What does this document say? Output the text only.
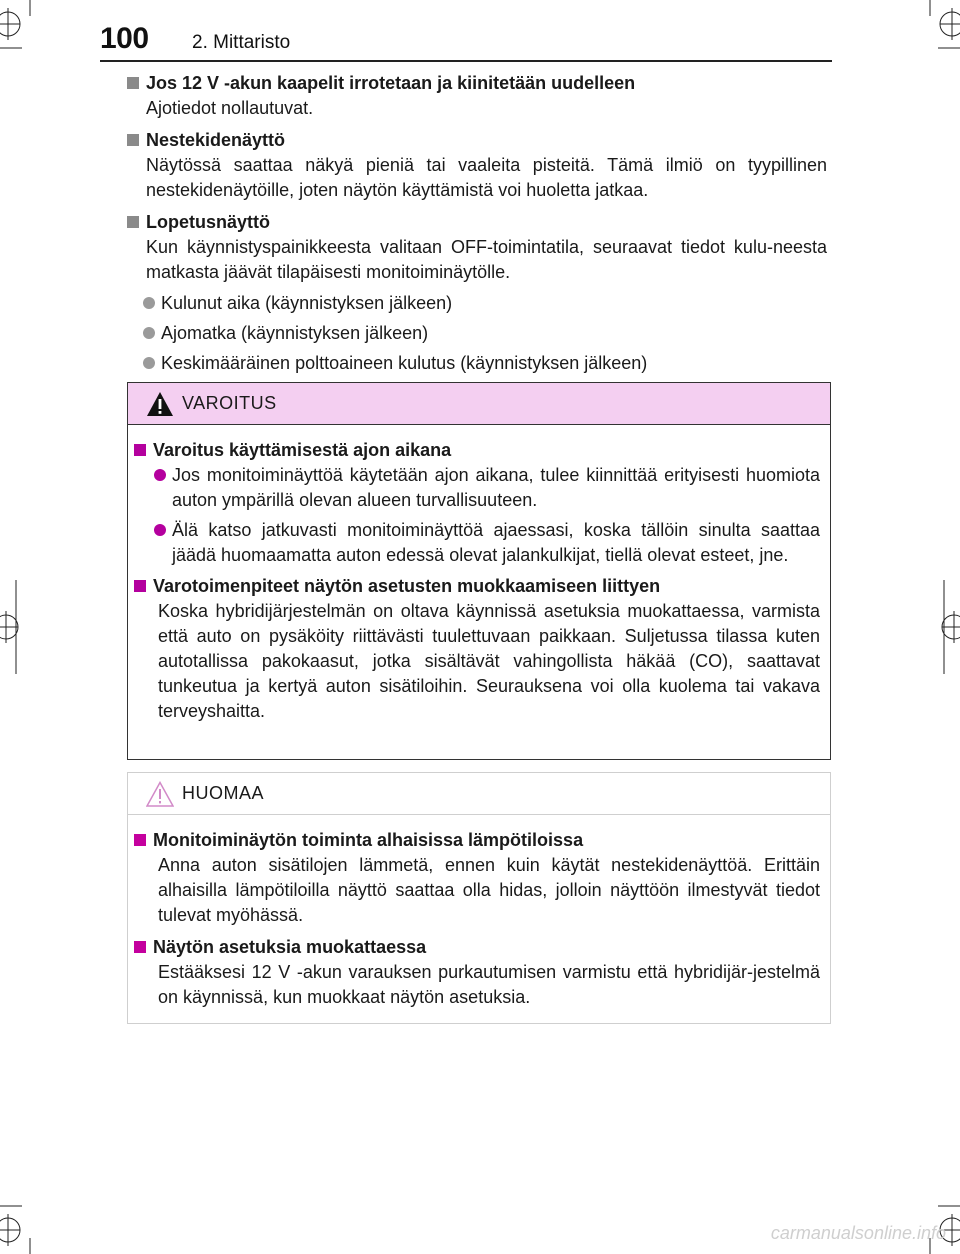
100 2. Mittaristo
Jos 12 V -akun kaapelit irrotetaan ja kiinitetään uudelleen

Ajotiedot nollautuvat.

Nestekidenäyttö

Näytössä saattaa näkyä pieniä tai vaaleita pisteitä. Tämä ilmiö on tyypillinen nestekidenäytöille, joten näytön käyttämistä voi huoletta jatkaa.

Lopetusnäyttö

Kun käynnistyspainikkeesta valitaan OFF-toimintatila, seuraavat tiedot kulu-neesta matkasta jäävät tilapäisesti monitoiminäytölle.

Kulunut aika (käynnistyksen jälkeen)
Ajomatka (käynnistyksen jälkeen)
Keskimääräinen polttoaineen kulutus (käynnistyksen jälkeen)
VAROITUS
Varoitus käyttämisestä ajon aikana
Jos monitoiminäyttöä käytetään ajon aikana, tulee kiinnittää erityisesti huomiota auton ympärillä olevan alueen turvallisuuteen.
Älä katso jatkuvasti monitoiminäyttöä ajaessasi, koska tällöin sinulta saattaa jäädä huomaamatta auton edessä olevat jalankulkijat, tiellä olevat esteet, jne.
Varotoimenpiteet näytön asetusten muokkaamiseen liittyen

Koska hybridijärjestelmän on oltava käynnissä asetuksia muokattaessa, varmista että auto on pysäköity riittävästi tuulettuvaan paikkaan. Suljetussa tilassa kuten autotallissa pakokaasut, jotka sisältävät vahingollista häkää (CO), saattavat tunkeutua ja kertyä auton sisätiloihin. Seurauksena voi olla kuolema tai vakava terveyshaitta.

HUOMAA
Monitoiminäytön toiminta alhaisissa lämpötiloissa

Anna auton sisätilojen lämmetä, ennen kuin käytät nestekidenäyttöä. Erittäin alhaisilla lämpötiloilla näyttö saattaa olla hidas, jolloin näyttöön ilmestyvät tiedot tulevat myöhässä.

Näytön asetuksia muokattaessa

Estääksesi 12 V -akun varauksen purkautumisen varmistu että hybridijär-jestelmä on käynnissä, kun muokkaat näytön asetuksia.

carmanualsonline.info
